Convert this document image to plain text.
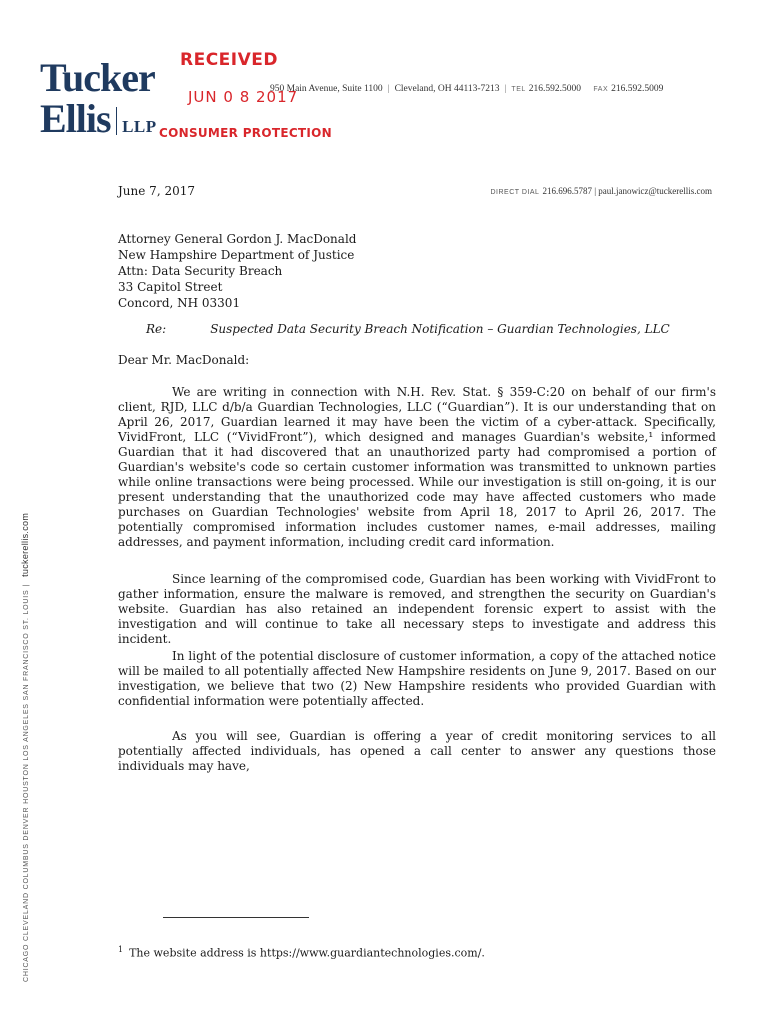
Tucker
Ellis LLP
RECEIVED
JUN 0 8 2017
CONSUMER PROTECTION
950 Main Avenue, Suite 1100 | Cleveland, OH 44113-7213 | TEL 216.592.5000 FAX 216.592.5009
June 7, 2017	DIRECT DIAL 216.696.5787 | paul.janowicz@tuckerellis.com
Attorney General Gordon J. MacDonald
New Hampshire Department of Justice
Attn: Data Security Breach
33 Capitol Street
Concord, NH 03301
Re:	Suspected Data Security Breach Notification – Guardian Technologies, LLC
Dear Mr. MacDonald:

We are writing in connection with N.H. Rev. Stat. § 359-C:20 on behalf of our firm's client, RJD, LLC d/b/a Guardian Technologies, LLC (“Guardian”). It is our understanding that on April 26, 2017, Guardian learned it may have been the victim of a cyber-attack. Specifically, VividFront, LLC (“VividFront”), which designed and manages Guardian's website,¹ informed Guardian that it had discovered that an unauthorized party had compromised a portion of Guardian's website's code so certain customer information was transmitted to unknown parties while online transactions were being processed. While our investigation is still on-going, it is our present understanding that the unauthorized code may have affected customers who made purchases on Guardian Technologies' website from April 18, 2017 to April 26, 2017. The potentially compromised information includes customer names, e-mail addresses, mailing addresses, and payment information, including credit card information.

Since learning of the compromised code, Guardian has been working with VividFront to gather information, ensure the malware is removed, and strengthen the security on Guardian's website. Guardian has also retained an independent forensic expert to assist with the investigation and will continue to take all necessary steps to investigate and address this incident.

In light of the potential disclosure of customer information, a copy of the attached notice will be mailed to all potentially affected New Hampshire residents on June 9, 2017. Based on our investigation, we believe that two (2) New Hampshire residents who provided Guardian with confidential information were potentially affected.

As you will see, Guardian is offering a year of credit monitoring services to all potentially affected individuals, has opened a call center to answer any questions those individuals may have,

$^1$ The website address is https://www.guardiantechnologies.com/.
CHICAGO CLEVELAND COLUMBUS DENVER HOUSTON LOS ANGELES SAN FRANCISCO ST. LOUIS|tuckerellis.com
